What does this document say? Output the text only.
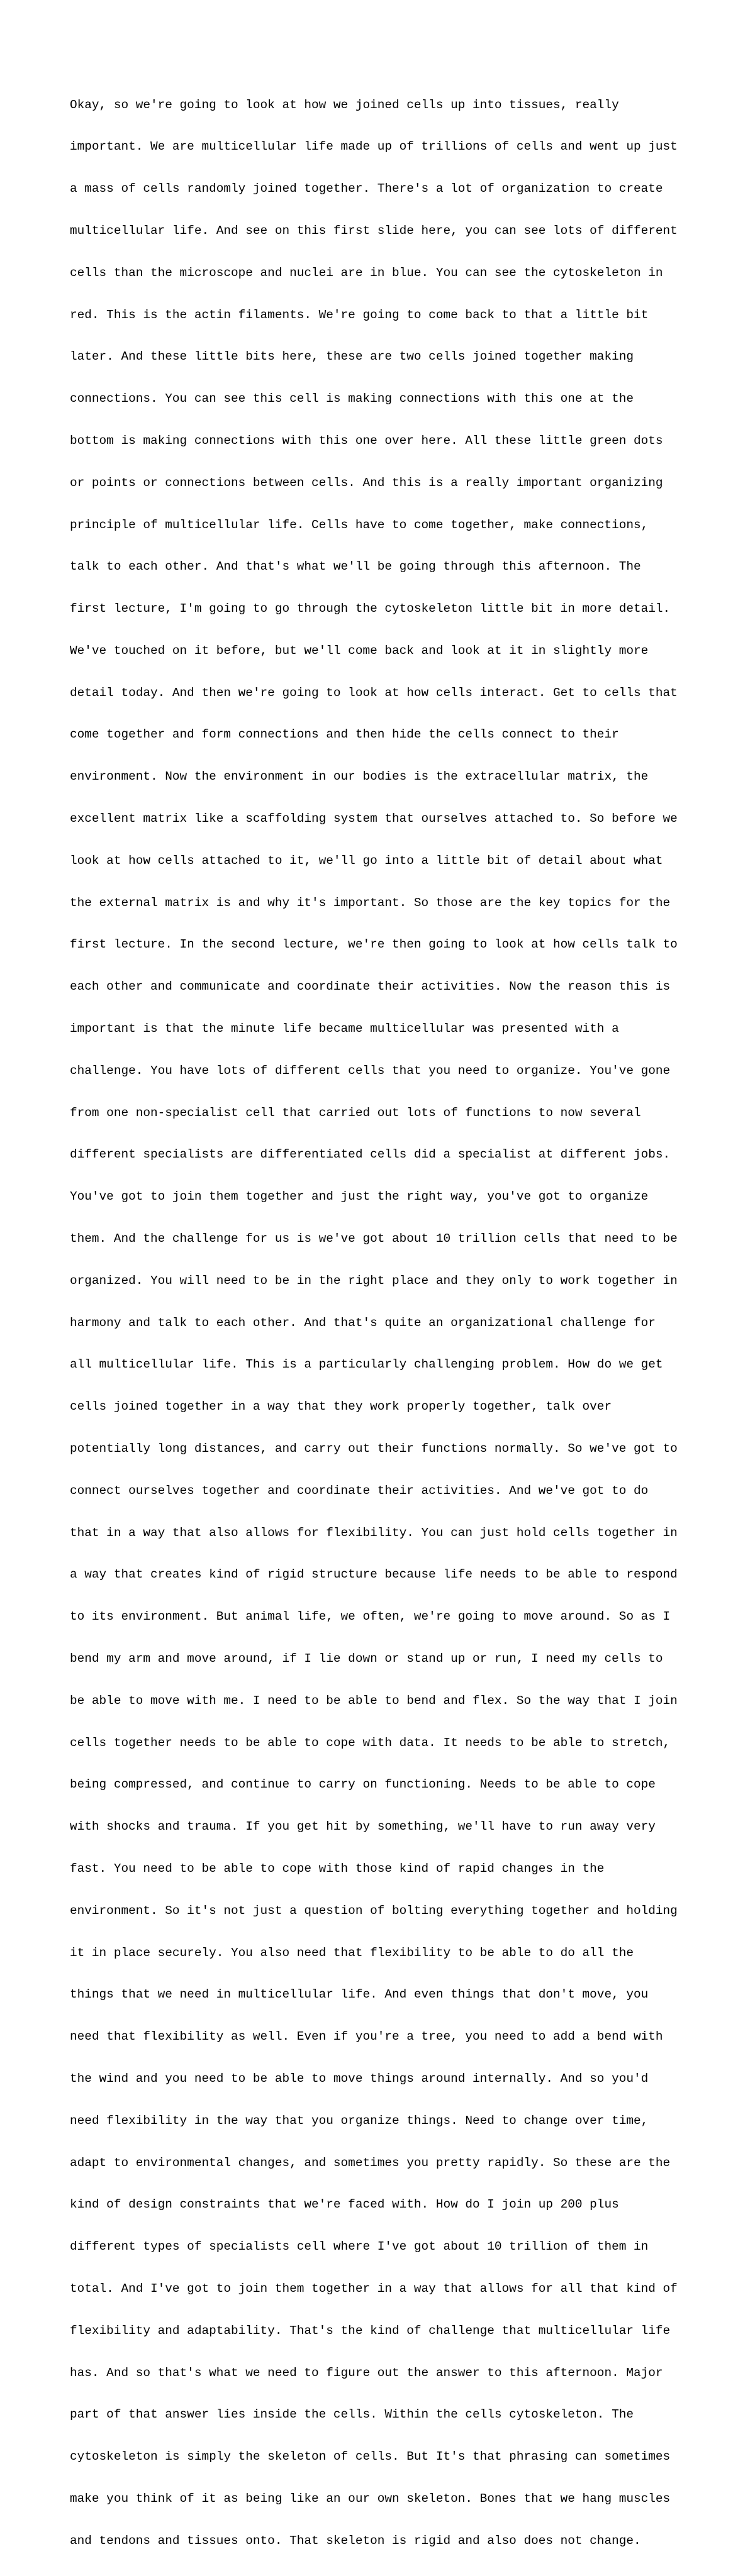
Okay, so we're going to look at how we joined cells up into tissues, really

important. We are multicellular life made up of trillions of cells and went up just

a mass of cells randomly joined together. There's a lot of organization to create

multicellular life. And see on this first slide here, you can see lots of different

cells than the microscope and nuclei are in blue. You can see the cytoskeleton in

red. This is the actin filaments. We're going to come back to that a little bit

later. And these little bits here, these are two cells joined together making

connections. You can see this cell is making connections with this one at the

bottom is making connections with this one over here. All these little green dots

or points or connections between cells. And this is a really important organizing

principle of multicellular life. Cells have to come together, make connections,

talk to each other. And that's what we'll be going through this afternoon. The

first lecture, I'm going to go through the cytoskeleton little bit in more detail.

We've touched on it before, but we'll come back and look at it in slightly more

detail today. And then we're going to look at how cells interact. Get to cells that

come together and form connections and then hide the cells connect to their

environment. Now the environment in our bodies is the extracellular matrix, the

excellent matrix like a scaffolding system that ourselves attached to. So before we

look at how cells attached to it, we'll go into a little bit of detail about what

the external matrix is and why it's important. So those are the key topics for the

first lecture. In the second lecture, we're then going to look at how cells talk to

each other and communicate and coordinate their activities. Now the reason this is

important is that the minute life became multicellular was presented with a

challenge. You have lots of different cells that you need to organize. You've gone

from one non-specialist cell that carried out lots of functions to now several

different specialists are differentiated cells did a specialist at different jobs.

You've got to join them together and just the right way, you've got to organize

them. And the challenge for us is we've got about 10 trillion cells that need to be

organized. You will need to be in the right place and they only to work together in

harmony and talk to each other. And that's quite an organizational challenge for

all multicellular life. This is a particularly challenging problem. How do we get

cells joined together in a way that they work properly together, talk over

potentially long distances, and carry out their functions normally. So we've got to

connect ourselves together and coordinate their activities. And we've got to do

that in a way that also allows for flexibility. You can just hold cells together in

a way that creates kind of rigid structure because life needs to be able to respond

to its environment. But animal life, we often, we're going to move around. So as I

bend my arm and move around, if I lie down or stand up or run, I need my cells to

be able to move with me. I need to be able to bend and flex. So the way that I join

cells together needs to be able to cope with data. It needs to be able to stretch,

being compressed, and continue to carry on functioning. Needs to be able to cope

with shocks and trauma. If you get hit by something, we'll have to run away very

fast. You need to be able to cope with those kind of rapid changes in the

environment. So it's not just a question of bolting everything together and holding

it in place securely. You also need that flexibility to be able to do all the

things that we need in multicellular life. And even things that don't move, you

need that flexibility as well. Even if you're a tree, you need to add a bend with

the wind and you need to be able to move things around internally. And so you'd

need flexibility in the way that you organize things. Need to change over time,

adapt to environmental changes, and sometimes you pretty rapidly. So these are the

kind of design constraints that we're faced with. How do I join up 200 plus

different types of specialists cell where I've got about 10 trillion of them in

total. And I've got to join them together in a way that allows for all that kind of

flexibility and adaptability. That's the kind of challenge that multicellular life

has. And so that's what we need to figure out the answer to this afternoon. Major

part of that answer lies inside the cells. Within the cells cytoskeleton. The

cytoskeleton is simply the skeleton of cells. But It's that phrasing can sometimes

make you think of it as being like an our own skeleton. Bones that we hang muscles

and tendons and tissues onto. That skeleton is rigid and also does not change.
